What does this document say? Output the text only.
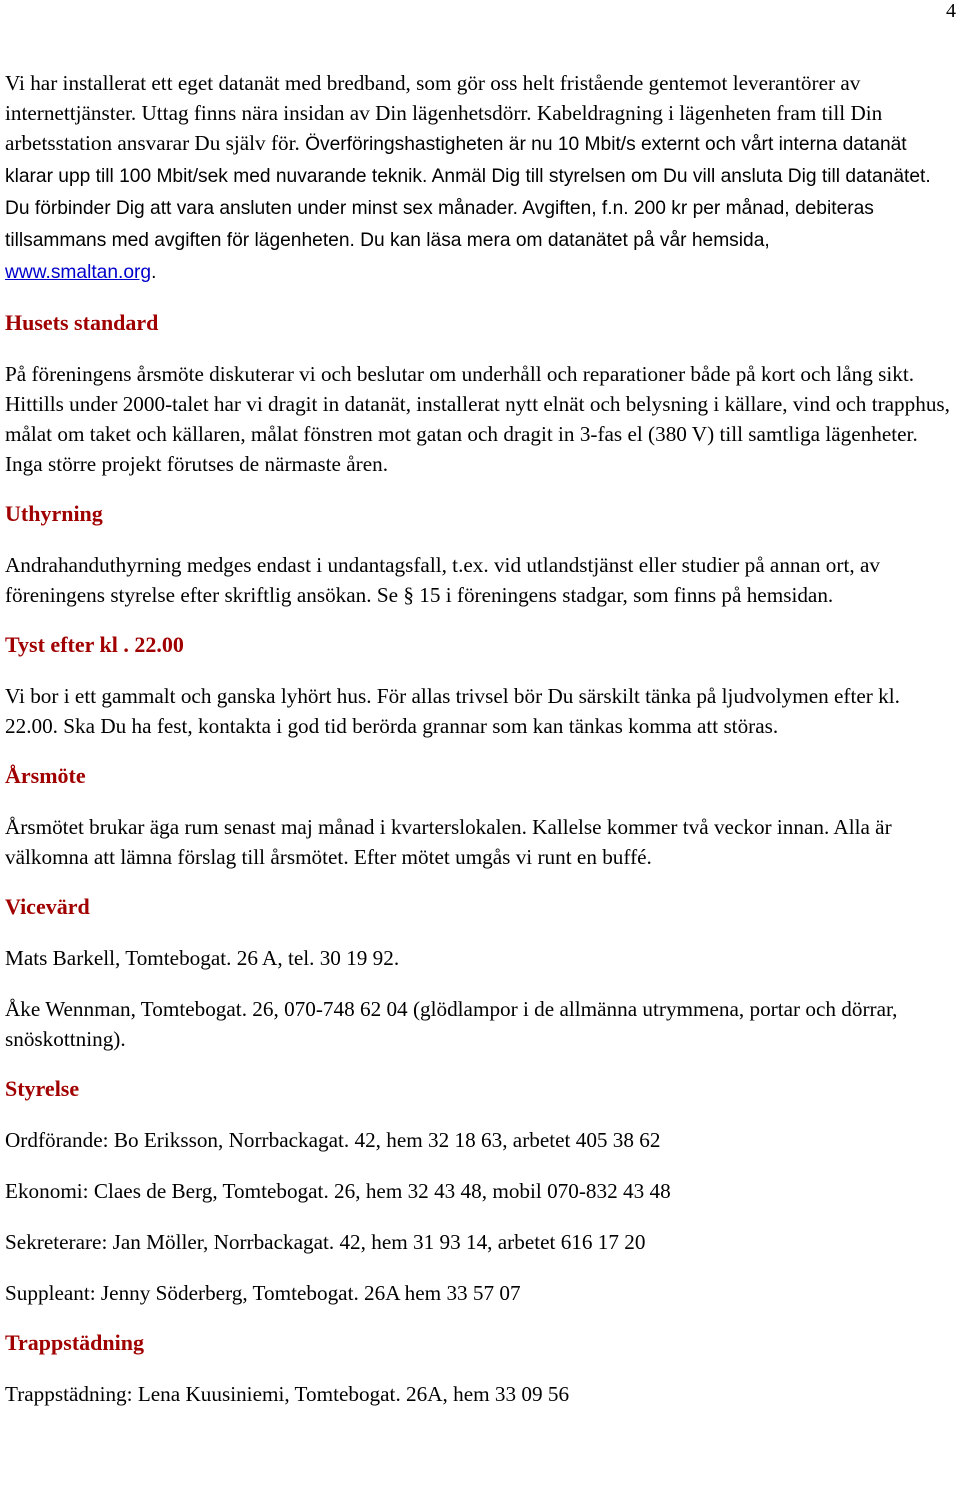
4

Vi har installerat ett eget datanät med bredband, som gör oss helt fristående gentemot leverantörer av internettjänster. Uttag finns nära insidan av Din lägenhetsdörr. Kabeldragning i lägenheten fram till Din arbetsstation ansvarar Du själv för. Överföringshastigheten är nu 10 Mbit/s externt och vårt interna datanät klarar upp till 100 Mbit/sek med nuvarande teknik. Anmäl Dig till styrelsen om Du vill ansluta Dig till datanätet. Du förbinder Dig att vara ansluten under minst sex månader. Avgiften, f.n. 200 kr per månad, debiteras tillsammans med avgiften för lägenheten. Du kan läsa mera om datanätet på vår hemsida,
www.smaltan.org.

Husets standard

På föreningens årsmöte diskuterar vi och beslutar om underhåll och reparationer både på kort och lång sikt. Hittills under 2000-talet har vi dragit in datanät, installerat nytt elnät och belysning i källare, vind och trapphus, målat om taket och källaren, målat fönstren mot gatan och dragit in 3-fas el (380 V) till samtliga lägenheter. Inga större projekt förutses de närmaste åren.

Uthyrning

Andrahanduthyrning medges endast i undantagsfall, t.ex. vid utlandstjänst eller studier på annan ort, av föreningens styrelse efter skriftlig ansökan. Se § 15 i föreningens stadgar, som finns på hemsidan.

Tyst efter kl . 22.00

Vi bor i ett gammalt och ganska lyhört hus. För allas trivsel bör Du särskilt tänka på ljudvolymen efter kl. 22.00. Ska Du ha fest, kontakta i god tid berörda grannar som kan tänkas komma att störas.

Årsmöte

Årsmötet brukar äga rum senast maj månad i kvarterslokalen. Kallelse kommer två veckor innan. Alla är välkomna att lämna förslag till årsmötet. Efter mötet umgås vi runt en buffé.

Vicevärd

Mats Barkell, Tomtebogat. 26 A, tel. 30 19 92.

Åke Wennman, Tomtebogat. 26, 070-748 62 04 (glödlampor i de allmänna utrymmena, portar och dörrar, snöskottning).

Styrelse

Ordförande: Bo Eriksson, Norrbackagat. 42, hem 32 18 63, arbetet 405 38 62

Ekonomi: Claes de Berg, Tomtebogat. 26, hem 32 43 48, mobil 070-832 43 48

Sekreterare: Jan Möller, Norrbackagat. 42, hem 31 93 14, arbetet 616 17 20

Suppleant: Jenny Söderberg, Tomtebogat. 26A hem 33 57 07

Trappstädning

Trappstädning: Lena Kuusiniemi, Tomtebogat. 26A, hem 33 09 56
